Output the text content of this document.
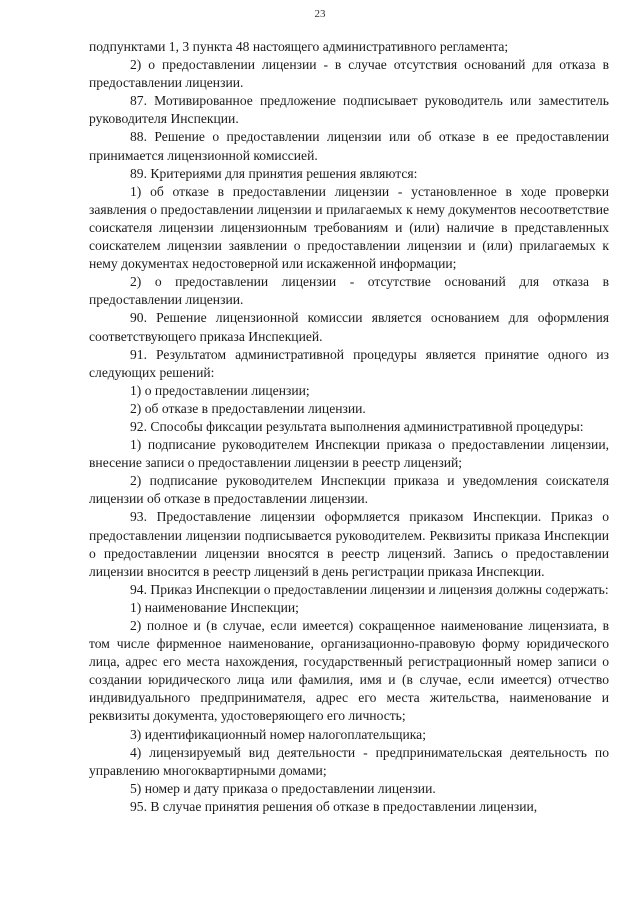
23

подпунктами 1, 3 пункта 48 настоящего административного регламента;

2) о предоставлении лицензии - в случае отсутствия оснований для отказа в предоставлении лицензии.

87. Мотивированное предложение подписывает руководитель или заместитель руководителя Инспекции.

88. Решение о предоставлении лицензии или об отказе в ее предоставлении принимается лицензионной комиссией.

89. Критериями для принятия решения являются:

1) об отказе в предоставлении лицензии - установленное в ходе проверки заявления о предоставлении лицензии и прилагаемых к нему документов несоответствие соискателя лицензии лицензионным требованиям и (или) наличие в представленных соискателем лицензии заявлении о предоставлении лицензии и (или) прилагаемых к нему документах недостоверной или искаженной информации;

2) о предоставлении лицензии - отсутствие оснований для отказа в предоставлении лицензии.

90. Решение лицензионной комиссии является основанием для оформления соответствующего приказа Инспекцией.

91. Результатом административной процедуры является принятие одного из следующих решений:

1) о предоставлении лицензии;

2) об отказе в предоставлении лицензии.

92. Способы фиксации результата выполнения административной процедуры:

1) подписание руководителем Инспекции приказа о предоставлении лицензии, внесение записи о предоставлении лицензии в реестр лицензий;

2) подписание руководителем Инспекции приказа и уведомления соискателя лицензии об отказе в предоставлении лицензии.

93. Предоставление лицензии оформляется приказом Инспекции. Приказ о предоставлении лицензии подписывается руководителем. Реквизиты приказа Инспекции о предоставлении лицензии вносятся в реестр лицензий. Запись о предоставлении лицензии вносится в реестр лицензий в день регистрации приказа Инспекции.

94. Приказ Инспекции о предоставлении лицензии и лицензия должны содержать:

1) наименование Инспекции;

2) полное и (в случае, если имеется) сокращенное наименование лицензиата, в том числе фирменное наименование, организационно-правовую форму юридического лица, адрес его места нахождения, государственный регистрационный номер записи о создании юридического лица или фамилия, имя и (в случае, если имеется) отчество индивидуального предпринимателя, адрес его места жительства, наименование и реквизиты документа, удостоверяющего его личность;

3) идентификационный номер налогоплательщика;

4) лицензируемый вид деятельности - предпринимательская деятельность по управлению многоквартирными домами;

5) номер и дату приказа о предоставлении лицензии.

95. В случае принятия решения об отказе в предоставлении лицензии,
